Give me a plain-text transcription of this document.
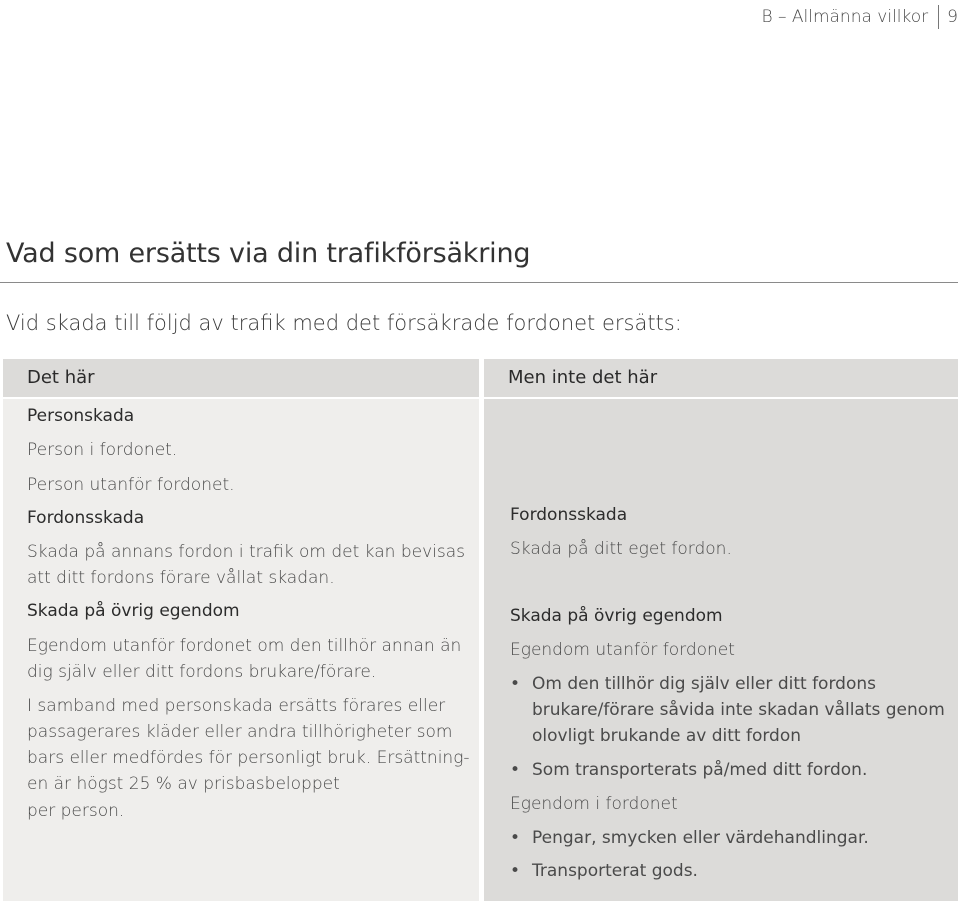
B – Allmänna villkor 9
Vad som ersätts via din trafikförsäkring
Vid skada till följd av trafik med det försäkrade fordonet ersätts:
Det här
Personskada
Person i fordonet.
Person utanför fordonet.
Fordonsskada
Skada på annans fordon i trafik om det kan bevisas
att ditt fordons förare vållat skadan.
Skada på övrig egendom
Egendom utanför fordonet om den tillhör annan än
dig själv eller ditt fordons brukare/förare.
I samband med personskada ersätts förares eller
passagerares kläder eller andra tillhörigheter som
bars eller medfördes för personligt bruk. Ersättning-
en är högst 25 % av prisbasbeloppet
per person.
Men inte det här
Fordonsskada
Skada på ditt eget fordon.
Skada på övrig egendom
Egendom utanför fordonet
• Om den tillhör dig själv eller ditt fordons
brukare/förare såvida inte skadan vållats genom
olovligt brukande av ditt fordon
• Som transporterats på/med ditt fordon.
Egendom i fordonet
• Pengar, smycken eller värdehandlingar.
• Transporterat gods.
